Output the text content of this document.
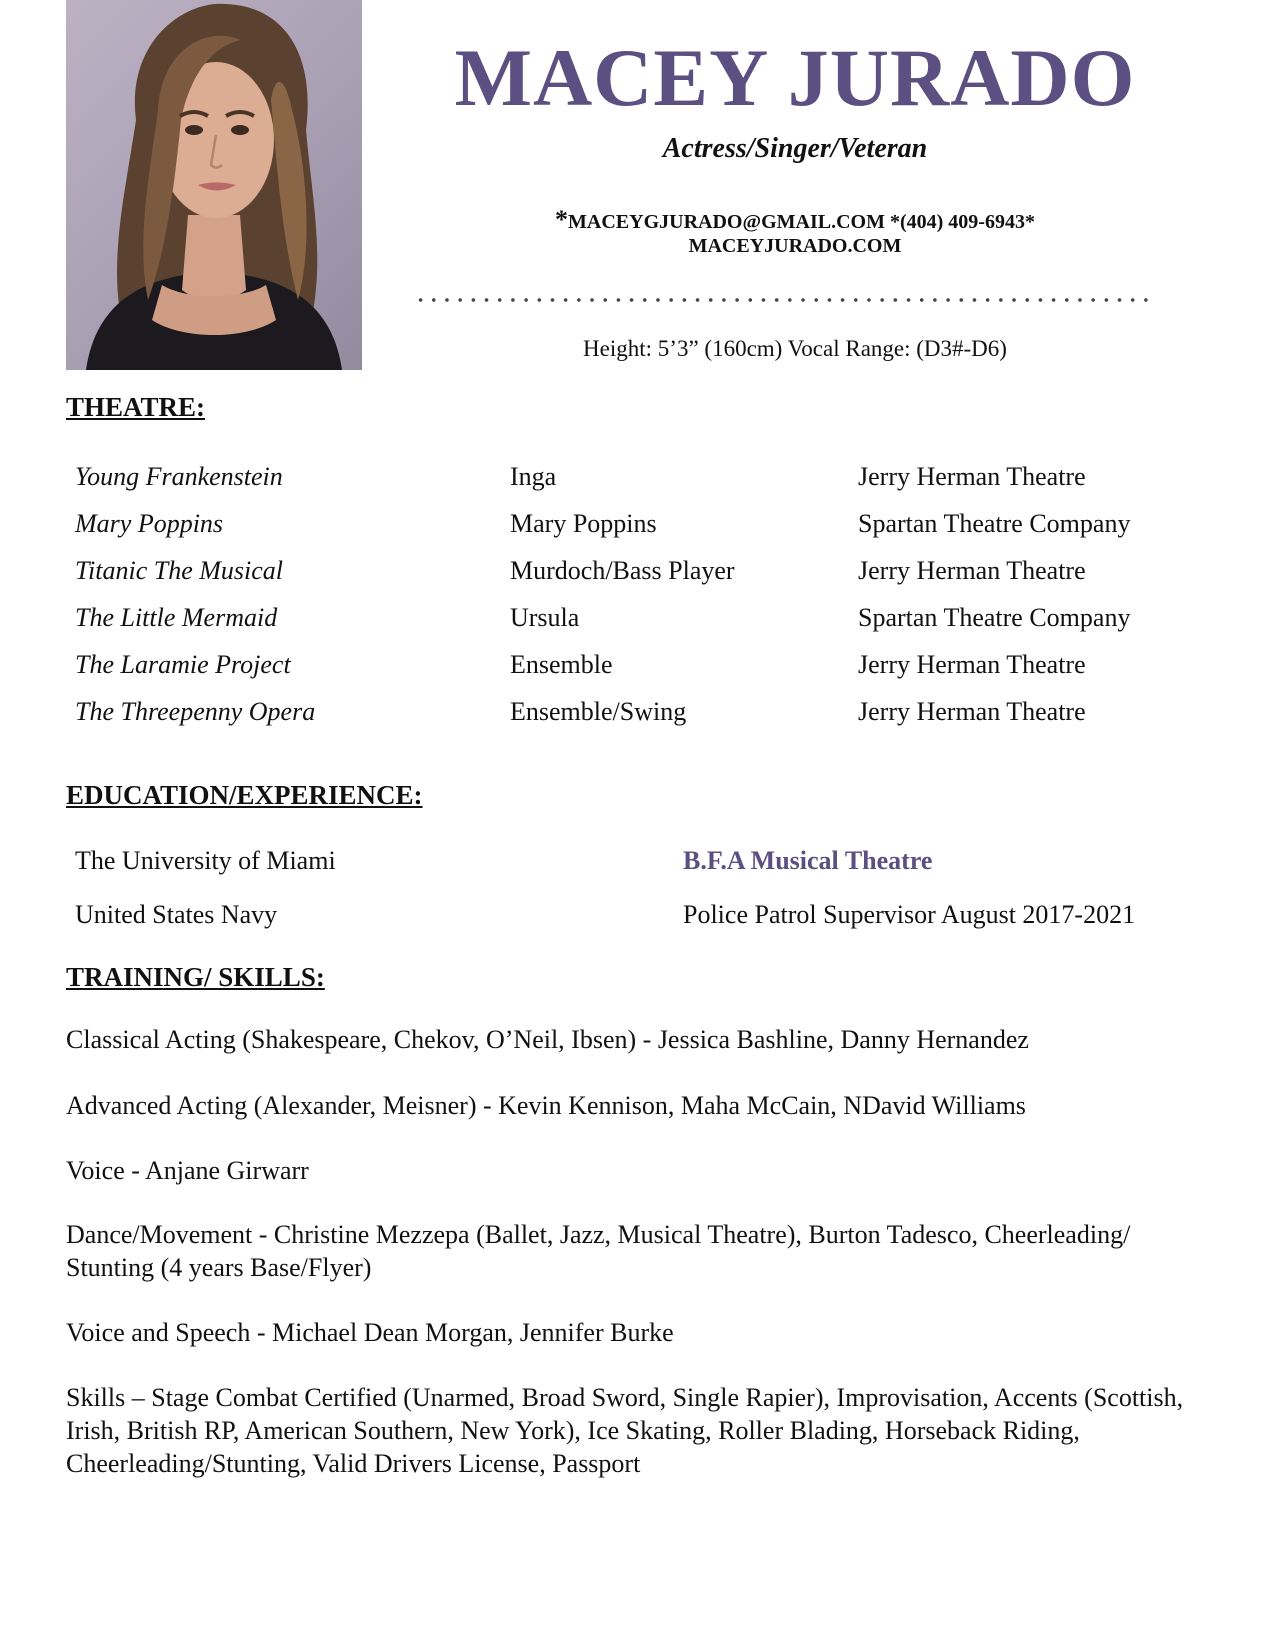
MACEY JURADO
Actress/Singer/Veteran
*MACEYGJURADO@GMAIL.COM *(404) 409-6943*
MACEYJURADO.COM
Height: 5’3” (160cm) Vocal Range: (D3#-D6)
THEATRE:
Young Frankenstein	Inga	Jerry Herman Theatre
Mary Poppins	Mary Poppins	Spartan Theatre Company
Titanic The Musical	Murdoch/Bass Player	Jerry Herman Theatre
The Little Mermaid	Ursula	Spartan Theatre Company
The Laramie Project	Ensemble	Jerry Herman Theatre
The Threepenny Opera	Ensemble/Swing	Jerry Herman Theatre
EDUCATION/EXPERIENCE:
The University of Miami	B.F.A Musical Theatre
United States Navy	Police Patrol Supervisor August 2017-2021
TRAINING/ SKILLS:

Classical Acting (Shakespeare, Chekov, O’Neil, Ibsen) - Jessica Bashline, Danny Hernandez

Advanced Acting (Alexander, Meisner) - Kevin Kennison, Maha McCain, NDavid Williams

Voice - Anjane Girwarr

Dance/Movement - Christine Mezzepa (Ballet, Jazz, Musical Theatre), Burton Tadesco, Cheerleading/ Stunting (4 years Base/Flyer)

Voice and Speech - Michael Dean Morgan, Jennifer Burke

Skills – Stage Combat Certified (Unarmed, Broad Sword, Single Rapier), Improvisation, Accents (Scottish, Irish, British RP, American Southern, New York), Ice Skating, Roller Blading, Horseback Riding, Cheerleading/Stunting, Valid Drivers License, Passport
